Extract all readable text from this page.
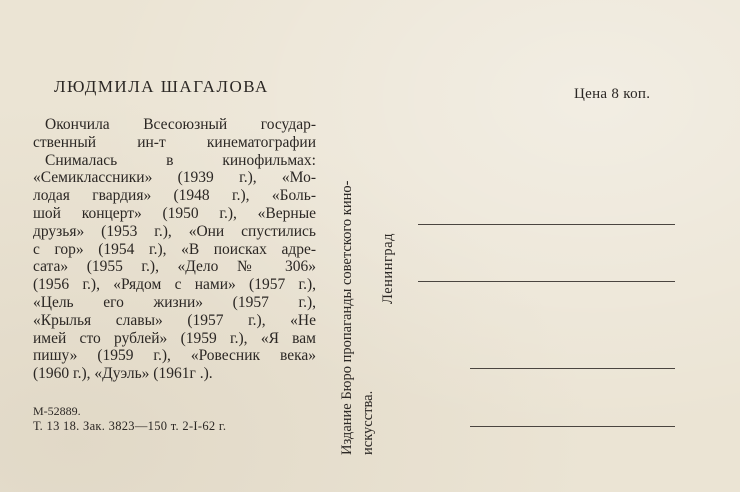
ЛЮДМИЛА ШАГАЛОВА
Окончила Всесоюзный государ-
ственный ин-т кинематографии
Снималась в кинофильмах:
«Семиклассники» (1939 г.), «Мо-
лодая гвардия» (1948 г.), «Боль-
шой концерт» (1950 г.), «Верные
друзья» (1953 г.), «Они спустились
с гор» (1954 г.), «В поисках адре-
сата» (1955 г.), «Дело № 306»
(1956 г.), «Рядом с нами» (1957 г.),
«Цель его жизни» (1957 г.),
«Крылья славы» (1957 г.), «Не
имей сто рублей» (1959 г.), «Я вам
пишу» (1959 г.), «Ровесник века»
(1960 г.), «Дуэль» (1961г .).
М-52889.
Т. 13 18. Зак. 3823—150 т. 2-I-62 г.	Издание Бюро пропаганды советского кино- искусства.
Ленинград
Цена 8 коп.
